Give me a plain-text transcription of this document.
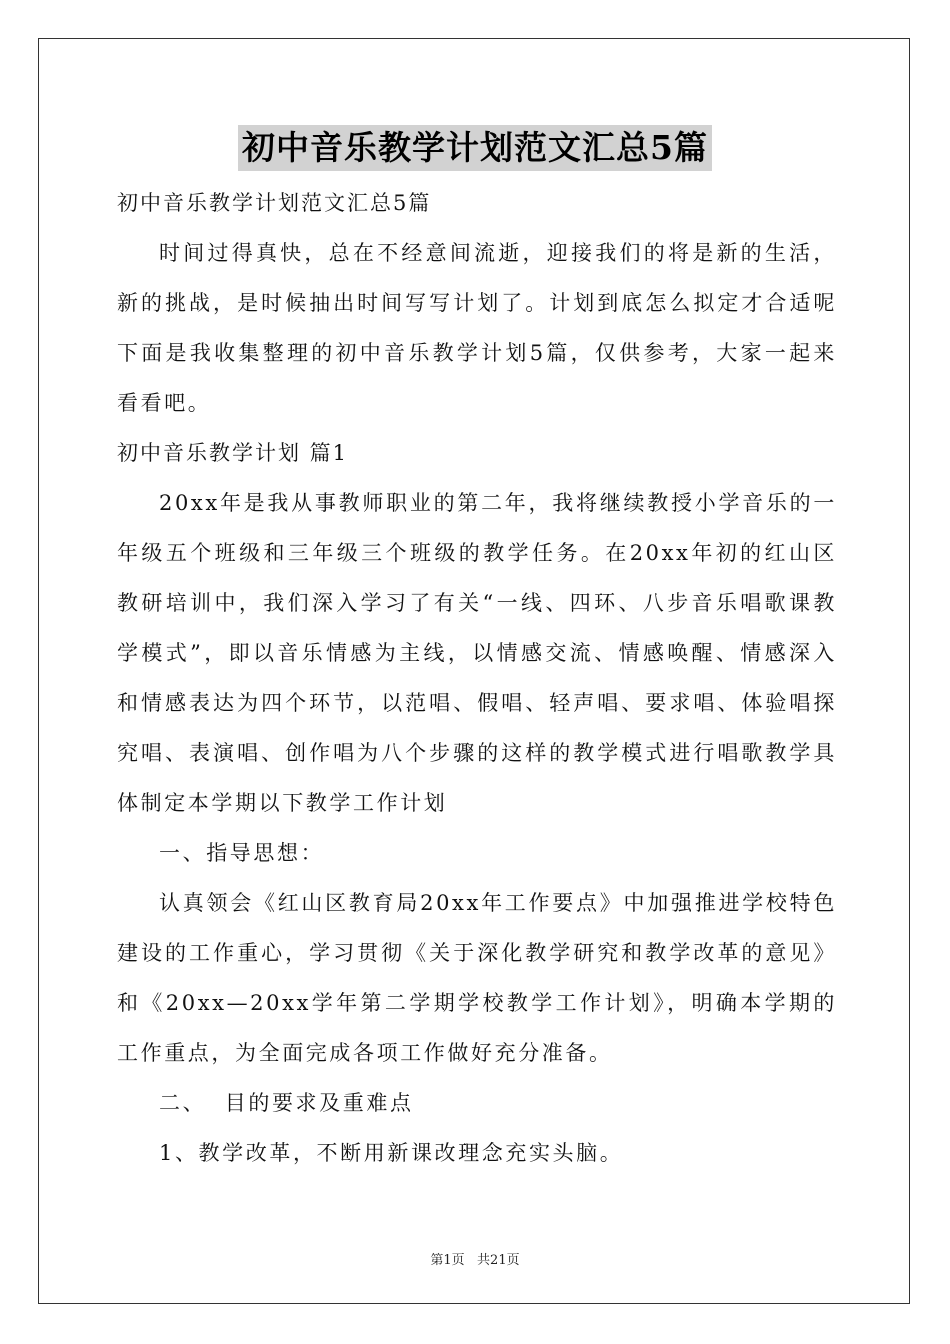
初中音乐教学计划范文汇总5篇
初中音乐教学计划范文汇总5篇

时间过得真快，总在不经意间流逝，迎接我们的将是新的生活，新的挑战，是时候抽出时间写写计划了。计划到底怎么拟定才合适呢下面是我收集整理的初中音乐教学计划5篇，仅供参考，大家一起来看看吧。

初中音乐教学计划 篇1

20xx年是我从事教师职业的第二年，我将继续教授小学音乐的一年级五个班级和三年级三个班级的教学任务。在20xx年初的红山区教研培训中，我们深入学习了有关“一线、四环、八步音乐唱歌课教学模式”，即以音乐情感为主线，以情感交流、情感唤醒、情感深入和情感表达为四个环节，以范唱、假唱、轻声唱、要求唱、体验唱探究唱、表演唱、创作唱为八个步骤的这样的教学模式进行唱歌教学具体制定本学期以下教学工作计划

一、指导思想：

认真领会《红山区教育局20xx年工作要点》中加强推进学校特色建设的工作重心，学习贯彻《关于深化教学研究和教学改革的意见》和《20xx—20xx学年第二学期学校教学工作计划》，明确本学期的工作重点，为全面完成各项工作做好充分准备。

二、  目的要求及重难点

1、教学改革，不断用新课改理念充实头脑。

第1页   共21页
